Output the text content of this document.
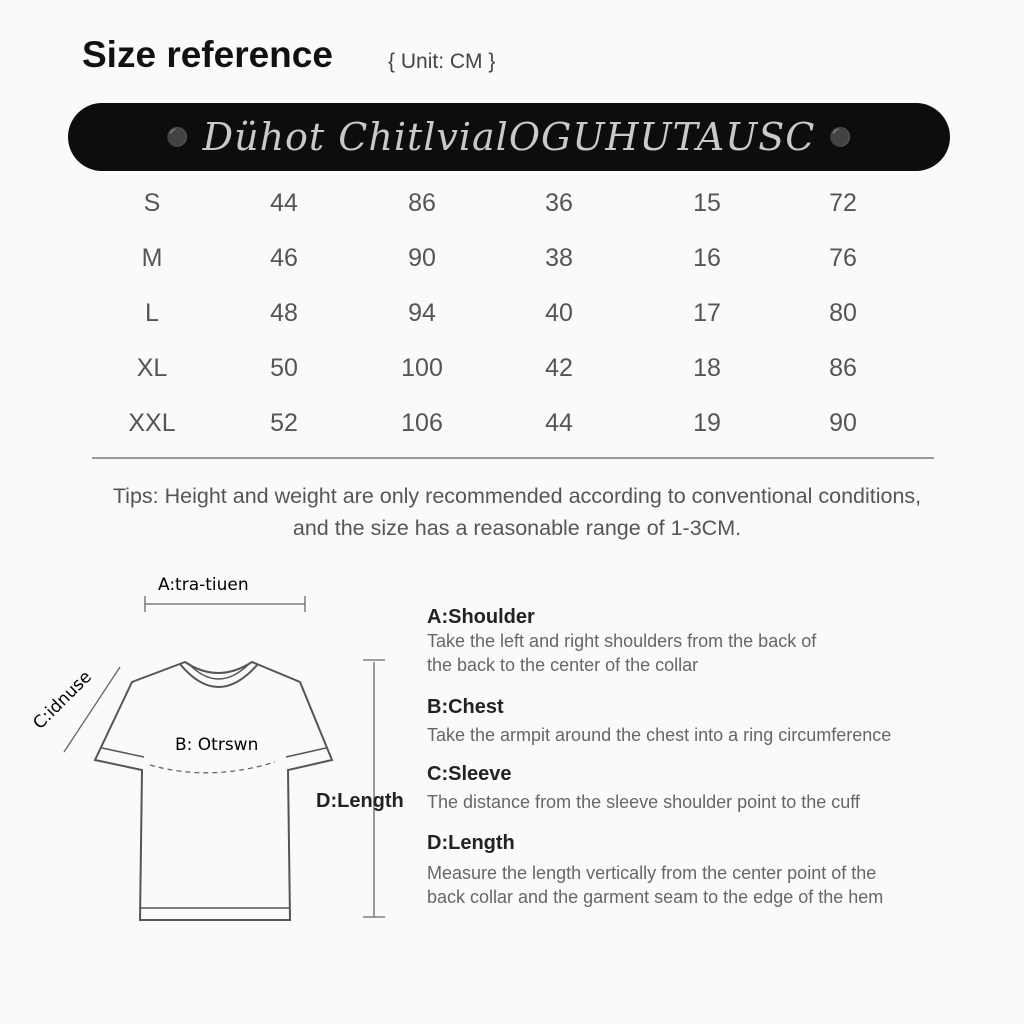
Size reference	{ Unit: CM }
⚫ Dühot ChitlvialOGUHUTAUSC ⚫
S	44	86	36	15	72
M	46	90	38	16	76
L	48	94	40	17	80
XL	50	100	42	18	86
XXL	52	106	44	19	90
Tips: Height and weight are only recommended according to conventional conditions, and the size has a reasonable range of 1-3CM.
A:tra-tiuen
B: Otrswn
C:idnuse
D:Length
A:Shoulder
Take the left and right shoulders from the back of
the back to the center of the collar
B:Chest
Take the armpit around the chest into a ring circumference
C:Sleeve
The distance from the sleeve shoulder point to the cuff
D:Length
Measure the length vertically from the center point of the
back collar and the garment seam to the edge of the hem
